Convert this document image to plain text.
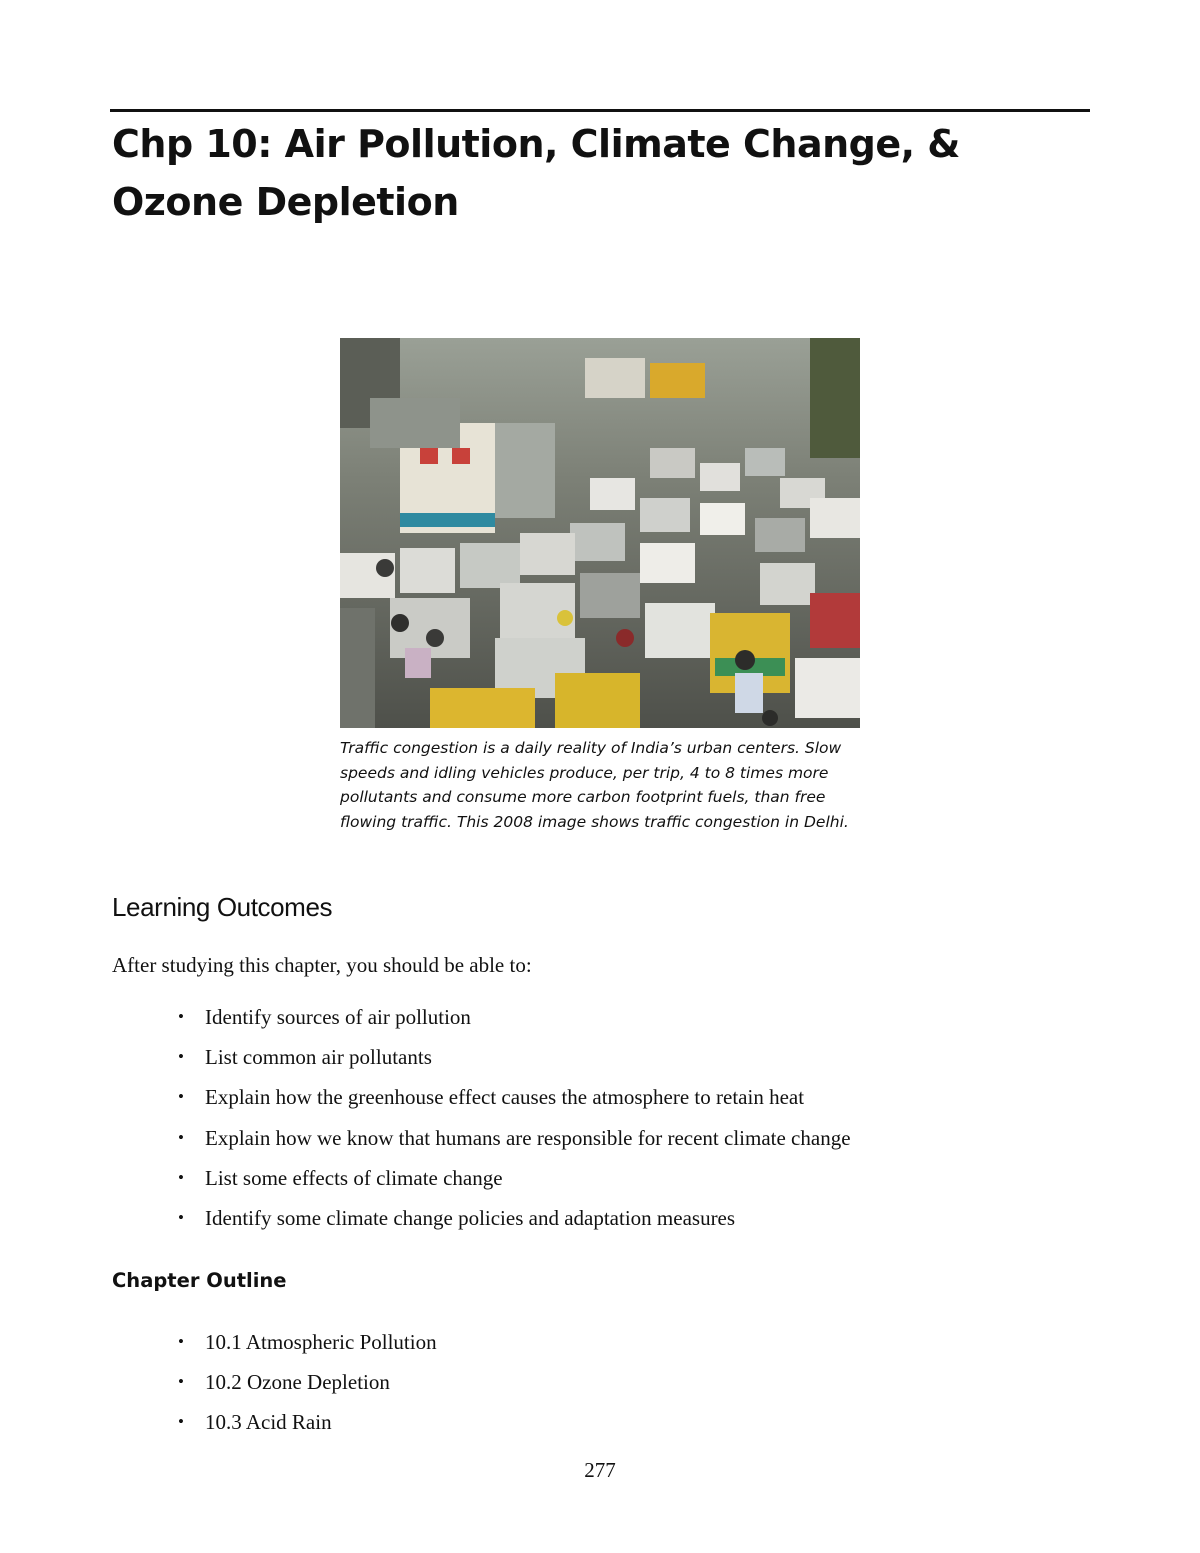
Chp 10: Air Pollution, Climate Change, & Ozone Depletion

Traffic congestion is a daily reality of India’s urban centers. Slow speeds and idling vehicles produce, per trip, 4 to 8 times more pollutants and consume more carbon footprint fuels, than free flowing traffic. This 2008 image shows traffic congestion in Delhi.

Learning Outcomes

After studying this chapter, you should be able to:

• Identify sources of air pollution
• List common air pollutants
• Explain how the greenhouse effect causes the atmosphere to retain heat
• Explain how we know that humans are responsible for recent climate change
• List some effects of climate change
• Identify some climate change policies and adaptation measures
Chapter Outline
• 10.1 Atmospheric Pollution
• 10.2 Ozone Depletion
• 10.3 Acid Rain
277
